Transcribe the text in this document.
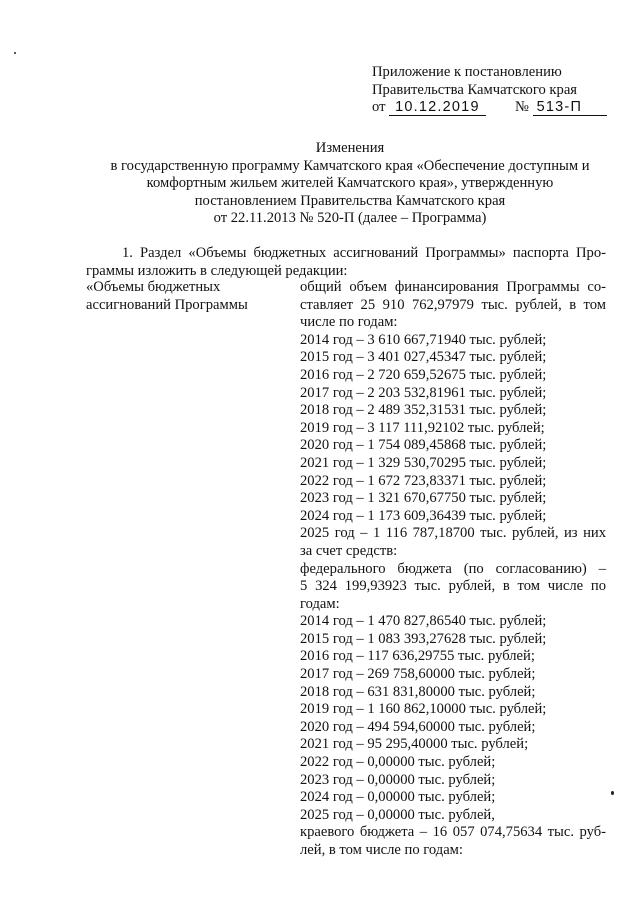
Приложение к постановлению
Правительства Камчатского края
от 10.12.2019 № 513-П
Изменения
в государственную программу Камчатского края «Обеспечение доступным и
комфортным жильем жителей Камчатского края», утвержденную
постановлением Правительства Камчатского края
от 22.11.2013 № 520-П (далее – Программа)
1. Раздел «Объемы бюджетных ассигнований Программы» паспорта Про-
граммы изложить в следующей редакции:
«Объемы бюджетных
ассигнований Программы
общий объем финансирования Программы со-
ставляет 25 910 762,97979 тыс. рублей, в том
числе по годам:
2014 год – 3 610 667,71940 тыс. рублей;
2015 год – 3 401 027,45347 тыс. рублей;
2016 год – 2 720 659,52675 тыс. рублей;
2017 год – 2 203 532,81961 тыс. рублей;
2018 год – 2 489 352,31531 тыс. рублей;
2019 год – 3 117 111,92102 тыс. рублей;
2020 год – 1 754 089,45868 тыс. рублей;
2021 год – 1 329 530,70295 тыс. рублей;
2022 год – 1 672 723,83371 тыс. рублей;
2023 год – 1 321 670,67750 тыс. рублей;
2024 год – 1 173 609,36439 тыс. рублей;
2025 год – 1 116 787,18700 тыс. рублей, из них
за счет средств:
федерального бюджета (по согласованию) –
5 324 199,93923 тыс. рублей, в том числе по
годам:
2014 год – 1 470 827,86540 тыс. рублей;
2015 год – 1 083 393,27628 тыс. рублей;
2016 год – 117 636,29755 тыс. рублей;
2017 год – 269 758,60000 тыс. рублей;
2018 год – 631 831,80000 тыс. рублей;
2019 год – 1 160 862,10000 тыс. рублей;
2020 год – 494 594,60000 тыс. рублей;
2021 год – 95 295,40000 тыс. рублей;
2022 год – 0,00000 тыс. рублей;
2023 год – 0,00000 тыс. рублей;
2024 год – 0,00000 тыс. рублей;
2025 год – 0,00000 тыс. рублей,
краевого бюджета – 16 057 074,75634 тыс. руб-
лей, в том числе по годам:
